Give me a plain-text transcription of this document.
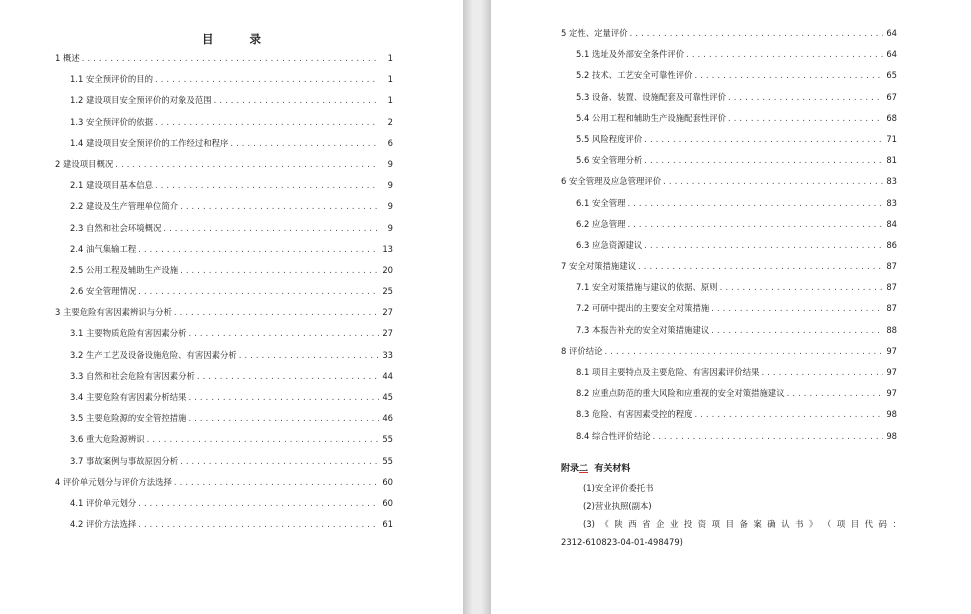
目 录
1 概述 . . .	1
1.1 安全预评价的目的 . . .	1
1.2 建设项目安全预评价的对象及范围 . . .	1
1.3 安全预评价的依据 . . .	2
1.4 建设项目安全预评价的工作经过和程序 . . .	6
2 建设项目概况 . . .	9
2.1 建设项目基本信息 . . .	9
2.2 建设及生产管理单位简介 . . .	9
2.3 自然和社会环境概况 . . .	9
2.4 油气集输工程 . . .	13
2.5 公用工程及辅助生产设施 . . .	20
2.6 安全管理情况 . . .	25
3 主要危险有害因素辨识与分析 . . .	27
3.1 主要物质危险有害因素分析 . . .	27
3.2 生产工艺及设备设施危险、有害因素分析 . . .	33
3.3 自然和社会危险有害因素分析 . . .	44
3.4 主要危险有害因素分析结果 . . .	45
3.5 主要危险源的安全管控措施 . . .	46
3.6 重大危险源辨识 . . .	55
3.7 事故案例与事故原因分析 . . .	55
4 评价单元划分与评价方法选择 . . .	60
4.1 评价单元划分 . . .	60
4.2 评价方法选择 . . .	61
5 定性、定量评价 . . .	64
5.1 选址及外部安全条件评价 . . .	64
5.2 技术、工艺安全可靠性评价 . . .	65
5.3 设备、装置、设施配套及可靠性评价 . . .	67
5.4 公用工程和辅助生产设施配套性评价 . . .	68
5.5 风险程度评价 . . .	71
5.6 安全管理分析 . . .	81
6 安全管理及应急管理评价 . . .	83
6.1 安全管理 . . .	83
6.2 应急管理 . . .	84
6.3 应急资源建议 . . .	86
7 安全对策措施建议 . . .	87
7.1 安全对策措施与建议的依据、原则 . . .	87
7.2 可研中提出的主要安全对策措施 . . .	87
7.3 本报告补充的安全对策措施建议 . . .	88
8 评价结论 . . .	97
8.1 项目主要特点及主要危险、有害因素评价结果 . . .	97
8.2 应重点防范的重大风险和应重视的安全对策措施建议 . . .	97
8.3 危险、有害因素受控的程度 . . .	98
8.4 综合性评价结论 . . .	98
附录二 有关材料
(1)安全评价委托书
(2)营业执照(副本)
(3) 《 陕 西 省 企 业 投 资 项 目 备 案 确 认 书 》 （ 项 目 代 码 ：
2312-610823-04-01-498479)
